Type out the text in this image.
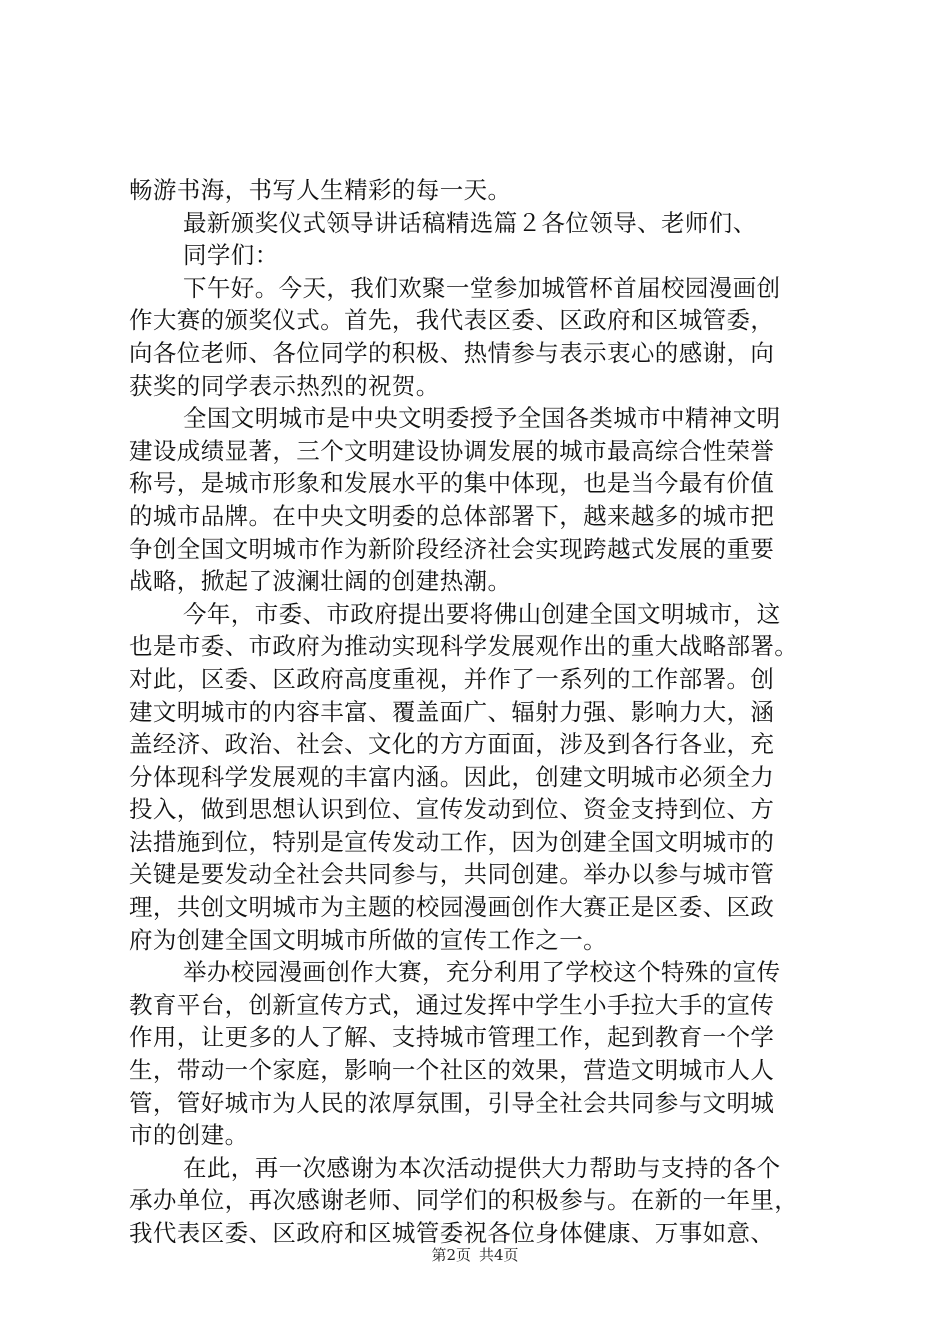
畅游书海，书写人生精彩的每一天。
最新颁奖仪式领导讲话稿精选篇２各位领导、老师们、
同学们：
下午好。今天，我们欢聚一堂参加城管杯首届校园漫画创
作大赛的颁奖仪式。首先，我代表区委、区政府和区城管委，
向各位老师、各位同学的积极、热情参与表示衷心的感谢，向
获奖的同学表示热烈的祝贺。
全国文明城市是中央文明委授予全国各类城市中精神文明
建设成绩显著，三个文明建设协调发展的城市最高综合性荣誉
称号，是城市形象和发展水平的集中体现，也是当今最有价值
的城市品牌。在中央文明委的总体部署下，越来越多的城市把
争创全国文明城市作为新阶段经济社会实现跨越式发展的重要
战略，掀起了波澜壮阔的创建热潮。
今年，市委、市政府提出要将佛山创建全国文明城市，这
也是市委、市政府为推动实现科学发展观作出的重大战略部署。
对此，区委、区政府高度重视，并作了一系列的工作部署。创
建文明城市的内容丰富、覆盖面广、辐射力强、影响力大，涵
盖经济、政治、社会、文化的方方面面，涉及到各行各业，充
分体现科学发展观的丰富内涵。因此，创建文明城市必须全力
投入，做到思想认识到位、宣传发动到位、资金支持到位、方
法措施到位，特别是宣传发动工作，因为创建全国文明城市的
关键是要发动全社会共同参与，共同创建。举办以参与城市管
理，共创文明城市为主题的校园漫画创作大赛正是区委、区政
府为创建全国文明城市所做的宣传工作之一。
举办校园漫画创作大赛，充分利用了学校这个特殊的宣传
教育平台，创新宣传方式，通过发挥中学生小手拉大手的宣传
作用，让更多的人了解、支持城市管理工作，起到教育一个学
生，带动一个家庭，影响一个社区的效果，营造文明城市人人
管，管好城市为人民的浓厚氛围，引导全社会共同参与文明城
市的创建。
在此，再一次感谢为本次活动提供大力帮助与支持的各个
承办单位，再次感谢老师、同学们的积极参与。在新的一年里，
我代表区委、区政府和区城管委祝各位身体健康、万事如意、
第2页 共4页
